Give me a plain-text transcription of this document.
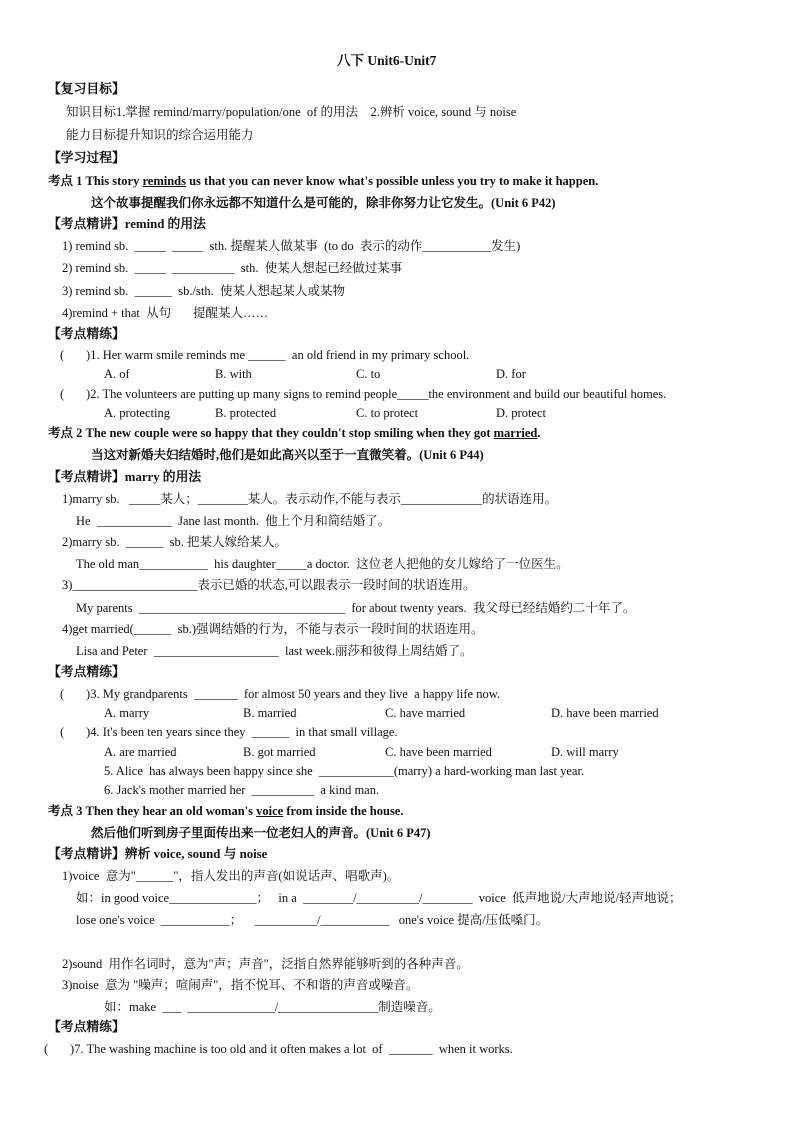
八下 Unit6-Unit7
【复习目标】
知识目标1.掌握 remind/marry/population/one  of 的用法    2.辨析 voice, sound 与 noise
能力目标提升知识的综合运用能力
【学习过程】
考点 1 This story reminds us that you can never know what's possible unless you try to make it happen.
这个故事提醒我们你永远都不知道什么是可能的，除非你努力让它发生。(Unit 6 P42)
【考点精讲】remind 的用法
1) remind sb.  _____  _____  sth. 提醒某人做某事  (to do  表示的动作___________发生)
2) remind sb.  _____  __________  sth.  使某人想起已经做过某事
3) remind sb.  ______  sb./sth.  使某人想起某人或某物
4)remind + that  从句       提醒某人……
【考点精练】
(       )1. Her warm smile reminds me ______  an old friend in my primary school.
A. of	B. with	C. to	D. for
(       )2. The volunteers are putting up many signs to remind people_____the environment and build our beautiful homes.
A. protecting	B. protected	C. to protect	D. protect
考点 2 The new couple were so happy that they couldn't stop smiling when they got married.
当这对新婚夫妇结婚时,他们是如此高兴以至于一直微笑着。(Unit 6 P44)
【考点精讲】marry 的用法
1)marry sb.   _____某人；________某人。表示动作,不能与表示_____________的状语连用。
He  ____________  Jane last month.  他上个月和简结婚了。
2)marry sb.  ______  sb. 把某人嫁给某人。
The old man___________  his daughter_____a doctor.  这位老人把他的女儿嫁给了一位医生。
3)____________________表示已婚的状态,可以跟表示一段时间的状语连用。
My parents  _________________________________  for about twenty years.  我父母已经结婚约二十年了。
4)get married(______  sb.)强调结婚的行为，不能与表示一段时间的状语连用。
Lisa and Peter  ____________________  last week.丽莎和彼得上周结婚了。
【考点精练】
(       )3. My grandparents  _______  for almost 50 years and they live  a happy life now.
A. marry	B. married	C. have married	D. have been married
(       )4. It's been ten years since they  ______  in that small village.
A. are married	B. got married	C. have been married	D. will marry
5. Alice  has always been happy since she  ____________(marry) a hard-working man last year.
6. Jack's mother married her  __________  a kind man.
考点 3 Then they hear an old woman's voice from inside the house.
然后他们听到房子里面传出来一位老妇人的声音。(Unit 6 P47)
【考点精讲】辨析 voice, sound 与 noise
1)voice  意为"______"，指人发出的声音(如说话声、唱歌声)。
如：in good voice______________；   in a  ________/__________/________  voice  低声地说/大声地说/轻声地说；
lose one's voice  ___________；    __________/___________   one's voice 提高/压低嗓门。
2)sound  用作名词时，意为"声；声音"，泛指自然界能够听到的各种声音。
3)noise  意为 "噪声；喧闹声"，指不悦耳、不和谐的声音或噪音。
如：make  ___  ______________/________________制造噪音。
【考点精练】
(       )7. The washing machine is too old and it often makes a lot  of  _______  when it works.
